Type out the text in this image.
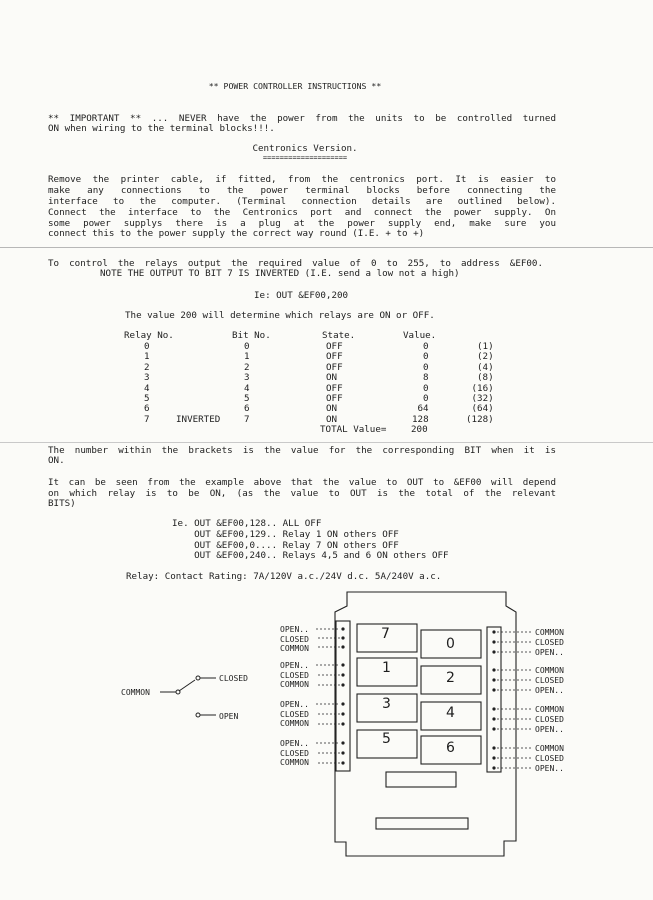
** POWER CONTROLLER INSTRUCTIONS **
** IMPORTANT ** ... NEVER have the power from the units to be controlled turned
ON when wiring to the terminal blocks!!!.
Centronics Version.
====================
Remove the printer cable, if fitted, from the centronics port. It is easier to
make any connections to the power terminal blocks before connecting the
interface to the computer. (Terminal connection details are outlined below).
Connect the interface to the Centronics port and connect the power supply. On
some power supplys there is a plug at the power supply end, make sure you
connect this to the power supply the correct way round (I.E. + to +)
To control the relays output the required value of 0 to 255, to address &EF00.
NOTE THE OUTPUT TO BIT 7 IS INVERTED (I.E. send a low not a high)
Ie: OUT &EF00,200
The value 200 will determine which relays are ON or OFF.
Relay No.	Bit No.	State.	Value.
0	0	OFF	0	(1)
1	1	OFF	0	(2)
2	2	OFF	0	(4)
3	3	ON	8	(8)
4	4	OFF	0	(16)
5	5	OFF	0	(32)
6	6	ON	64	(64)
7	INVERTED	7	ON	128	(128)
TOTAL Value=	200
The number within the brackets is the value for the corresponding BIT when it is
ON.
It can be seen from the example above that the value to OUT to &EF00 will depend
on which relay is to be ON, (as the value to OUT is the total of the relevant
BITS)
Ie. OUT &EF00,128.. ALL OFF
OUT &EF00,129.. Relay 1 ON others OFF
OUT &EF00,0.... Relay 7 ON others OFF
OUT &EF00,240.. Relays 4,5 and 6 ON others OFF
Relay: Contact Rating: 7A/120V a.c./24V d.c. 5A/240V a.c.
COMMON
CLOSED
OPEN
OPEN..
CLOSED
COMMON
OPEN..
CLOSED
COMMON
OPEN..
CLOSED
COMMON
OPEN..
CLOSED
COMMON
COMMON
CLOSED
OPEN..
COMMON
CLOSED
OPEN..
COMMON
CLOSED
OPEN..
COMMON
CLOSED
OPEN..
7
0
1
2
3
4
5
6
